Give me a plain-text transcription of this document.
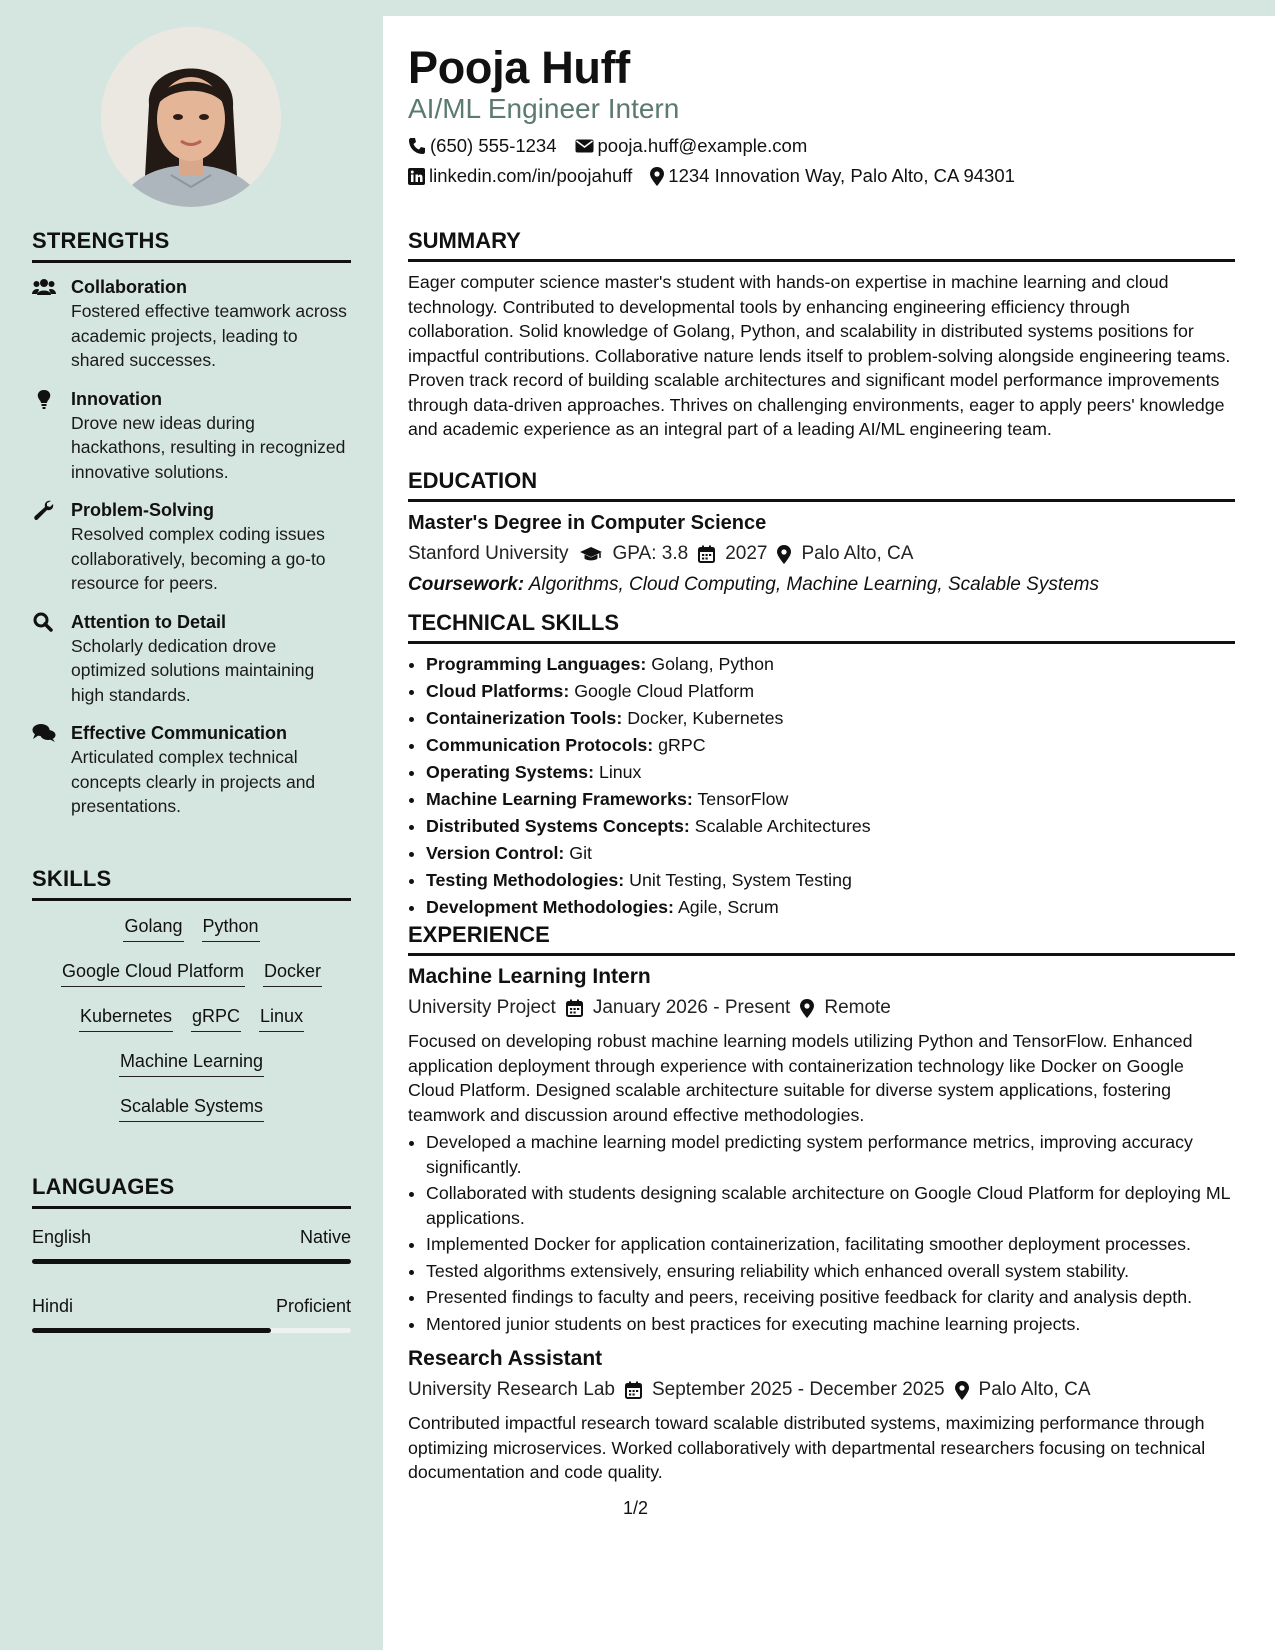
STRENGTHS
Collaboration
Fostered effective teamwork across academic projects, leading to shared successes.
Innovation
Drove new ideas during hackathons, resulting in recognized innovative solutions.
Problem-Solving
Resolved complex coding issues collaboratively, becoming a go-to resource for peers.
Attention to Detail
Scholarly dedication drove optimized solutions maintaining high standards.
Effective Communication
Articulated complex technical concepts clearly in projects and presentations.
SKILLS
Golang Python
Google Cloud Platform Docker
Kubernetes gRPC Linux
Machine Learning
Scalable Systems
LANGUAGES
English	Native
Hindi	Proficient
Pooja Huff
AI/ML Engineer Intern
(650) 555-1234 pooja.huff@example.com
linkedin.com/in/poojahuff 1234 Innovation Way, Palo Alto, CA 94301
SUMMARY

Eager computer science master's student with hands-on expertise in machine learning and cloud technology. Contributed to developmental tools by enhancing engineering efficiency through collaboration. Solid knowledge of Golang, Python, and scalability in distributed systems positions for impactful contributions. Collaborative nature lends itself to problem-solving alongside engineering teams. Proven track record of building scalable architectures and significant model performance improvements through data-driven approaches. Thrives on challenging environments, eager to apply peers' knowledge and academic experience as an integral part of a leading AI/ML engineering team.

EDUCATION
Master's Degree in Computer Science
Stanford University GPA: 3.8 2027 Palo Alto, CA
Coursework: Algorithms, Cloud Computing, Machine Learning, Scalable Systems
TECHNICAL SKILLS
• Programming Languages: Golang, Python
• Cloud Platforms: Google Cloud Platform
• Containerization Tools: Docker, Kubernetes
• Communication Protocols: gRPC
• Operating Systems: Linux
• Machine Learning Frameworks: TensorFlow
• Distributed Systems Concepts: Scalable Architectures
• Version Control: Git
• Testing Methodologies: Unit Testing, System Testing
• Development Methodologies: Agile, Scrum
EXPERIENCE
Machine Learning Intern
University Project January 2026 - Present Remote

Focused on developing robust machine learning models utilizing Python and TensorFlow. Enhanced application deployment through experience with containerization technology like Docker on Google Cloud Platform. Designed scalable architecture suitable for diverse system applications, fostering teamwork and discussion around effective methodologies.

• Developed a machine learning model predicting system performance metrics, improving accuracy significantly.
• Collaborated with students designing scalable architecture on Google Cloud Platform for deploying ML applications.
• Implemented Docker for application containerization, facilitating smoother deployment processes.
• Tested algorithms extensively, ensuring reliability which enhanced overall system stability.
• Presented findings to faculty and peers, receiving positive feedback for clarity and analysis depth.
• Mentored junior students on best practices for executing machine learning projects.
Research Assistant
University Research Lab September 2025 - December 2025 Palo Alto, CA

Contributed impactful research toward scalable distributed systems, maximizing performance through optimizing microservices. Worked collaboratively with departmental researchers focusing on technical documentation and code quality.

1/2
